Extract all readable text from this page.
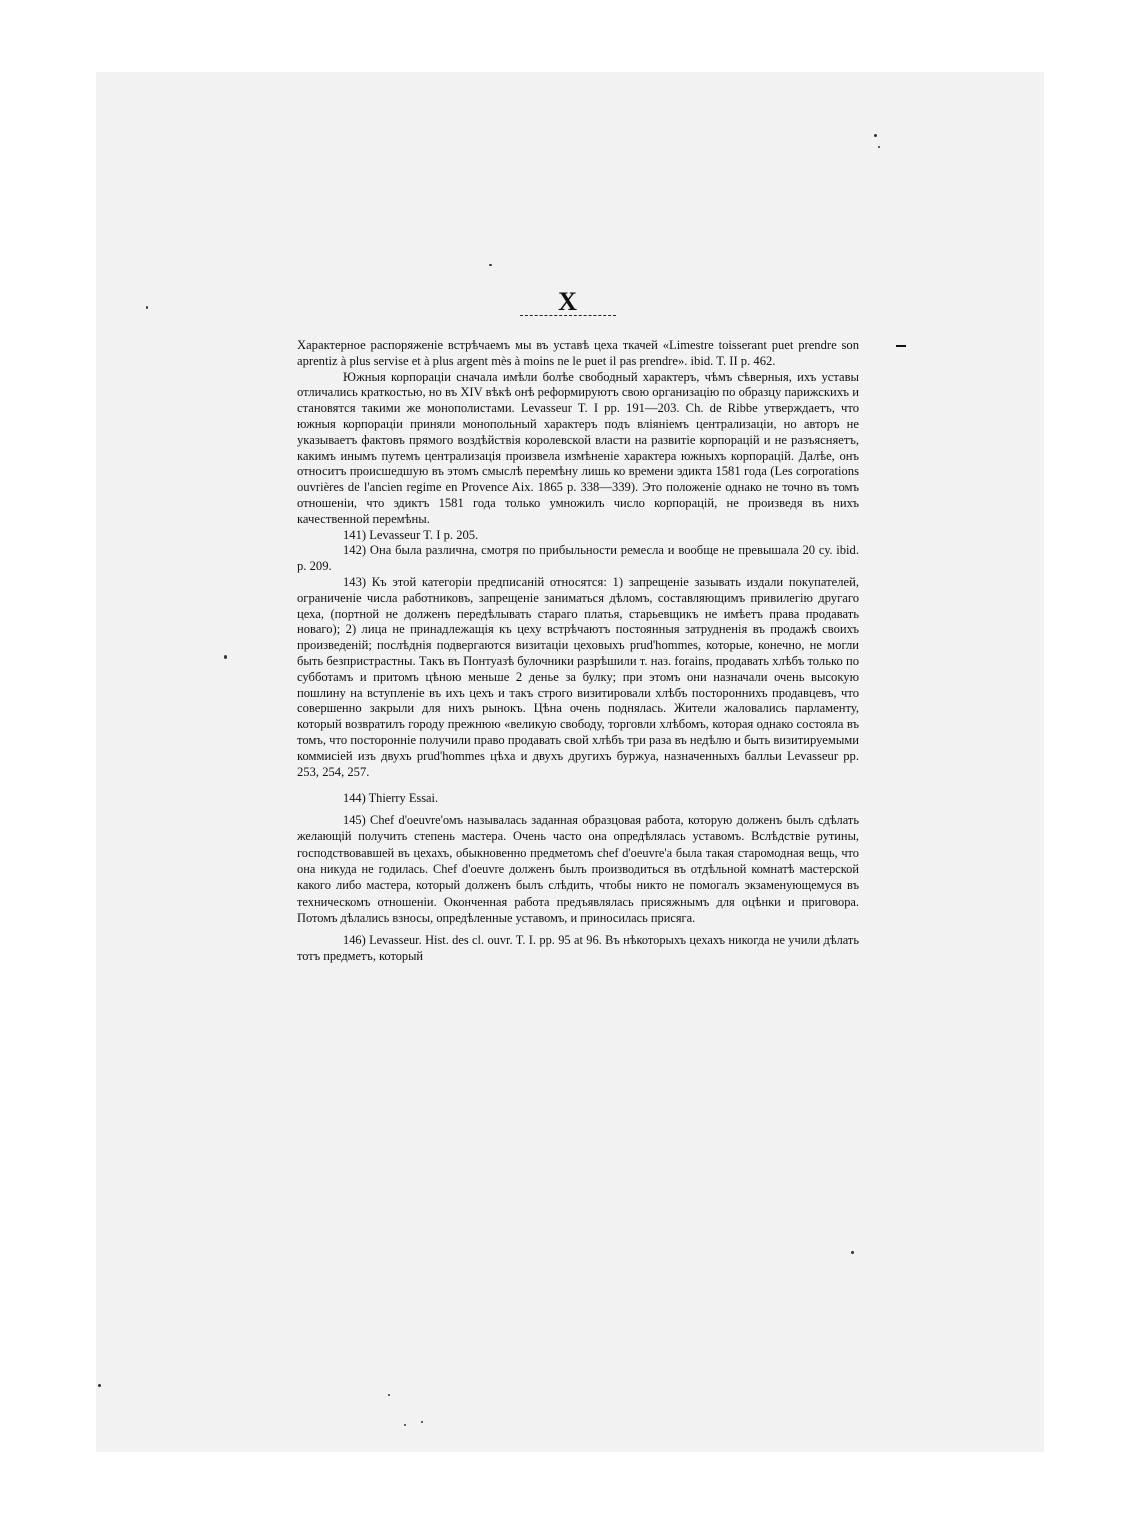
X

Характерное распоряженіе встрѣчаемъ мы въ уставѣ цеха ткачей «Limestre toisserant puet prendre son aprentiz à plus servise et à plus argent mès à moins ne le puet il pas prendre». ibid. T. II p. 462.

Южныя корпораціи сначала имѣли болѣе свободный характеръ, чѣмъ сѣверныя, ихъ уставы отличались краткостью, но въ XIV вѣкѣ онѣ реформируютъ свою организацію по образцу парижскихъ и становятся такими же монополистами. Levasseur T. I pp. 191—203. Ch. de Ribbe утверждаетъ, что южныя корпораціи приняли монопольный характеръ подъ вліяніемъ централизаціи, но авторъ не указываетъ фактовъ прямого воздѣйствія королевской власти на развитіе корпорацій и не разъясняетъ, какимъ инымъ путемъ централизація произвела измѣненіе характера южныхъ корпорацій. Далѣе, онъ относитъ происшедшую въ этомъ смыслѣ перемѣну лишь ко времени эдикта 1581 года (Les corporations ouvrières de l'ancien regime en Provence Aix. 1865 p. 338—339). Это положеніе однако не точно въ томъ отношеніи, что эдиктъ 1581 года только умножилъ число корпорацій, не произведя въ нихъ качественной перемѣны.

141) Levasseur T. I p. 205.

142) Она была различна, смотря по прибыльности ремесла и вообще не превышала 20 су. ibid. p. 209.

143) Къ этой категоріи предписаній относятся: 1) запрещеніе зазывать издали покупателей, ограниченіе числа работниковъ, запрещеніе заниматься дѣломъ, составляющимъ привилегію другаго цеха, (портной не долженъ передѣлывать стараго платья, старьевщикъ не имѣетъ права продавать новаго); 2) лица не принадлежащія къ цеху встрѣчаютъ постоянныя затрудненія въ продажѣ своихъ произведеній; послѣднія подвергаются визитаціи цеховыхъ prud'hommes, которые, конечно, не могли быть безпристрастны. Такъ въ Понтуазѣ булочники разрѣшили т. наз. forains, продавать хлѣбъ только по субботамъ и притомъ цѣною меньше 2 денье за булку; при этомъ они назначали очень высокую пошлину на вступленіе въ ихъ цехъ и такъ строго визитировали хлѣбъ постороннихъ продавцевъ, что совершенно закрыли для нихъ рынокъ. Цѣна очень поднялась. Жители жаловались парламенту, который возвратилъ городу прежнюю «великую свободу, торговли хлѣбомъ, которая однако состояла въ томъ, что посторонніе получили право продавать свой хлѣбъ три раза въ недѣлю и быть визитируемыми коммисіей изъ двухъ prud'hommes цѣха и двухъ другихъ буржуа, назначенныхъ балльи Levasseur pp. 253, 254, 257.

144) Thierry Essai.

145) Chef d'oeuvre'омъ называлась заданная образцовая работа, которую долженъ былъ сдѣлать желающій получить степень мастера. Очень часто она опредѣлялась уставомъ. Вслѣдствіе рутины, господствовавшей въ цехахъ, обыкновенно предметомъ chef d'oeuvre'а была такая старомодная вещь, что она никуда не годилась. Chef d'oeuvre долженъ былъ производиться въ отдѣльной комнатѣ мастерской какого либо мастера, который долженъ былъ слѣдить, чтобы никто не помогалъ экзаменующемуся въ техническомъ отношеніи. Оконченная работа предъявлялась присяжнымъ для оцѣнки и приговора. Потомъ дѣлались взносы, опредѣленные уставомъ, и приносилась присяга.

146) Levasseur. Hist. des cl. ouvr. T. I. pp. 95 at 96. Въ нѣкоторыхъ цехахъ никогда не учили дѣлать тотъ предметъ, который
